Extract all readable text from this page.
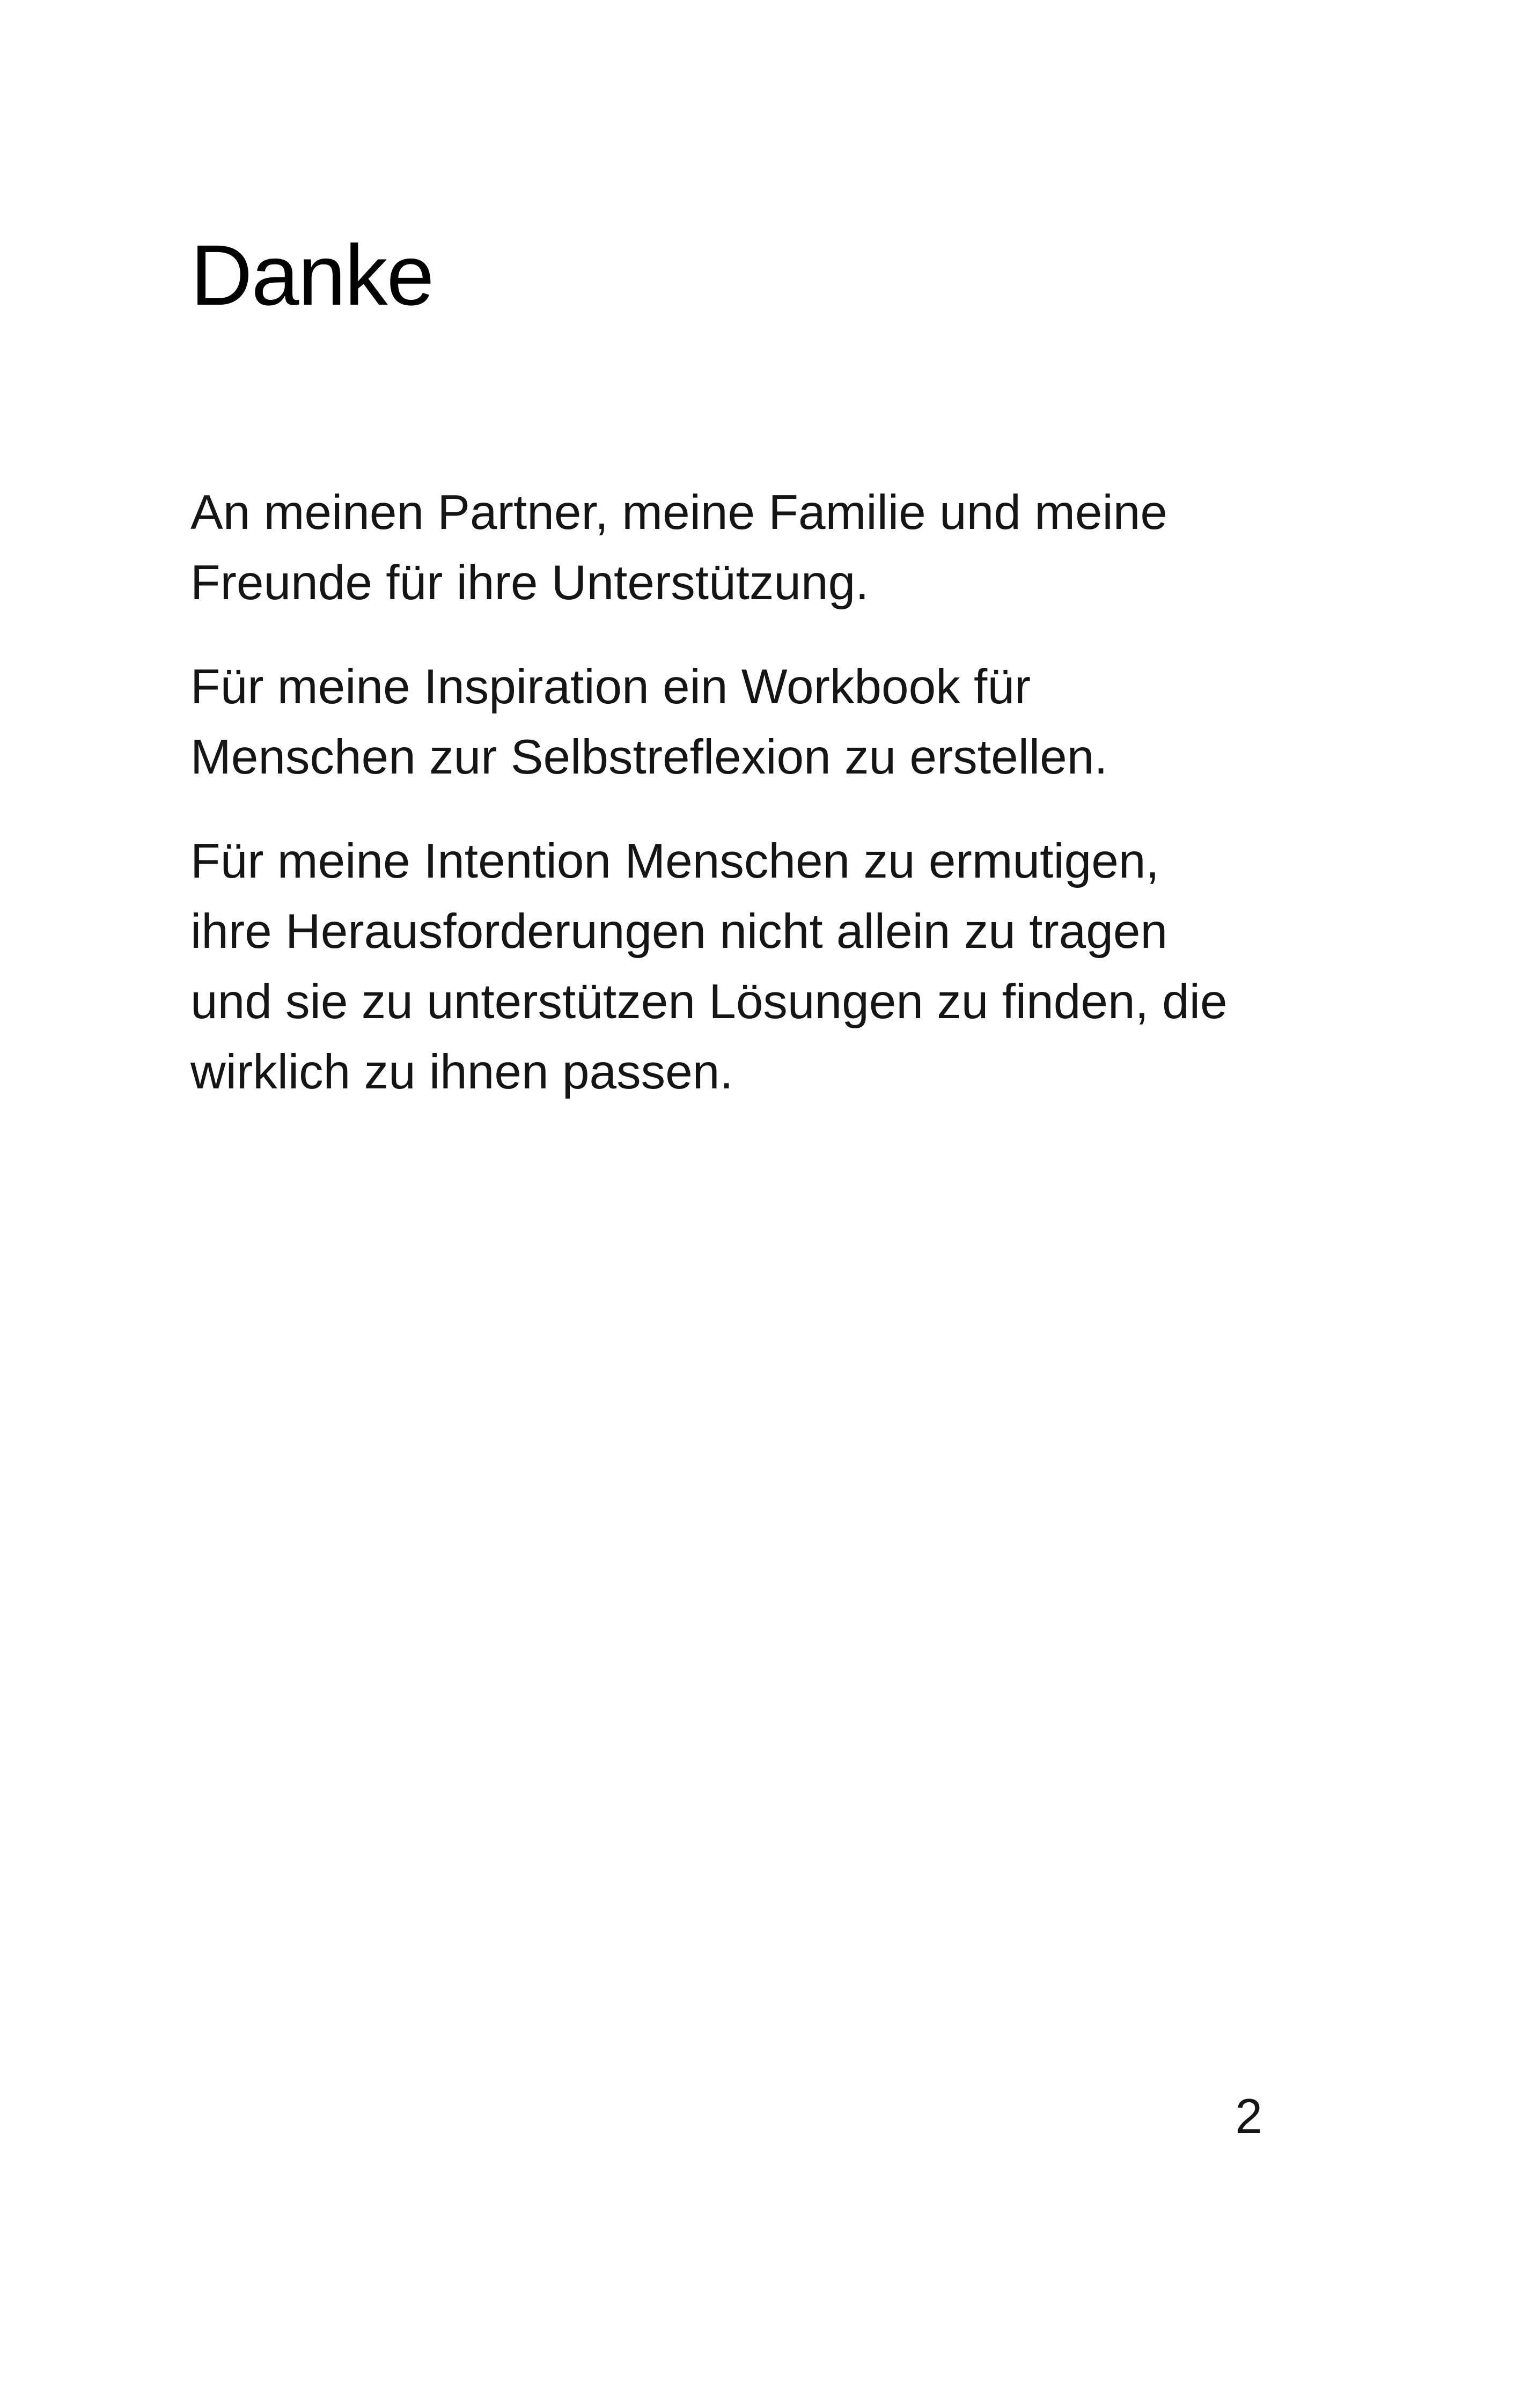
Danke

An meinen Partner, meine Familie und meine
Freunde für ihre Unterstützung.

Für meine Inspiration ein Workbook für
Menschen zur Selbstreflexion zu erstellen.

Für meine Intention Menschen zu ermutigen,
ihre Herausforderungen nicht allein zu tragen
und sie zu unterstützen Lösungen zu finden, die
wirklich zu ihnen passen.

2
